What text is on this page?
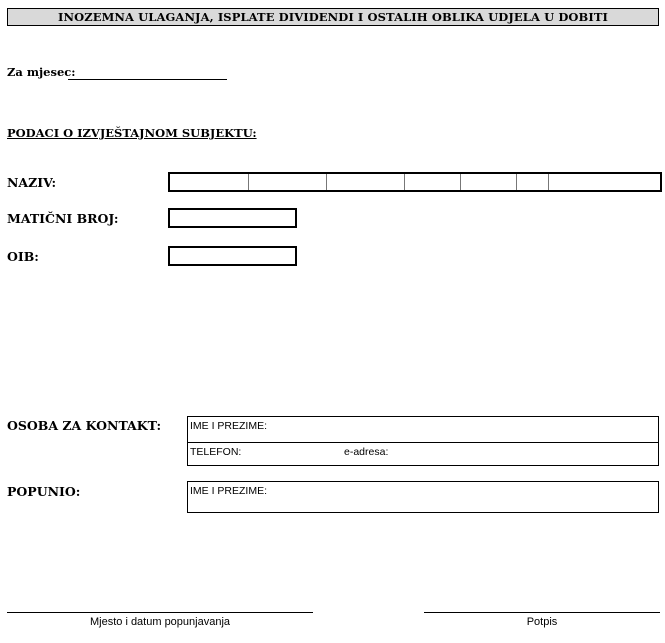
INOZEMNA ULAGANJA, ISPLATE DIVIDENDI I OSTALIH OBLIKA UDJELA U DOBITI
Za mjesec:
PODACI O IZVJEŠTAJNOM SUBJEKTU:
NAZIV:
MATIČNI BROJ:
OIB:
OSOBA ZA KONTAKT:	IME I PREZIME:
TELEFON:	e-adresa:
POPUNIO:	IME I PREZIME:
Mjesto i datum popunjavanja	Potpis
